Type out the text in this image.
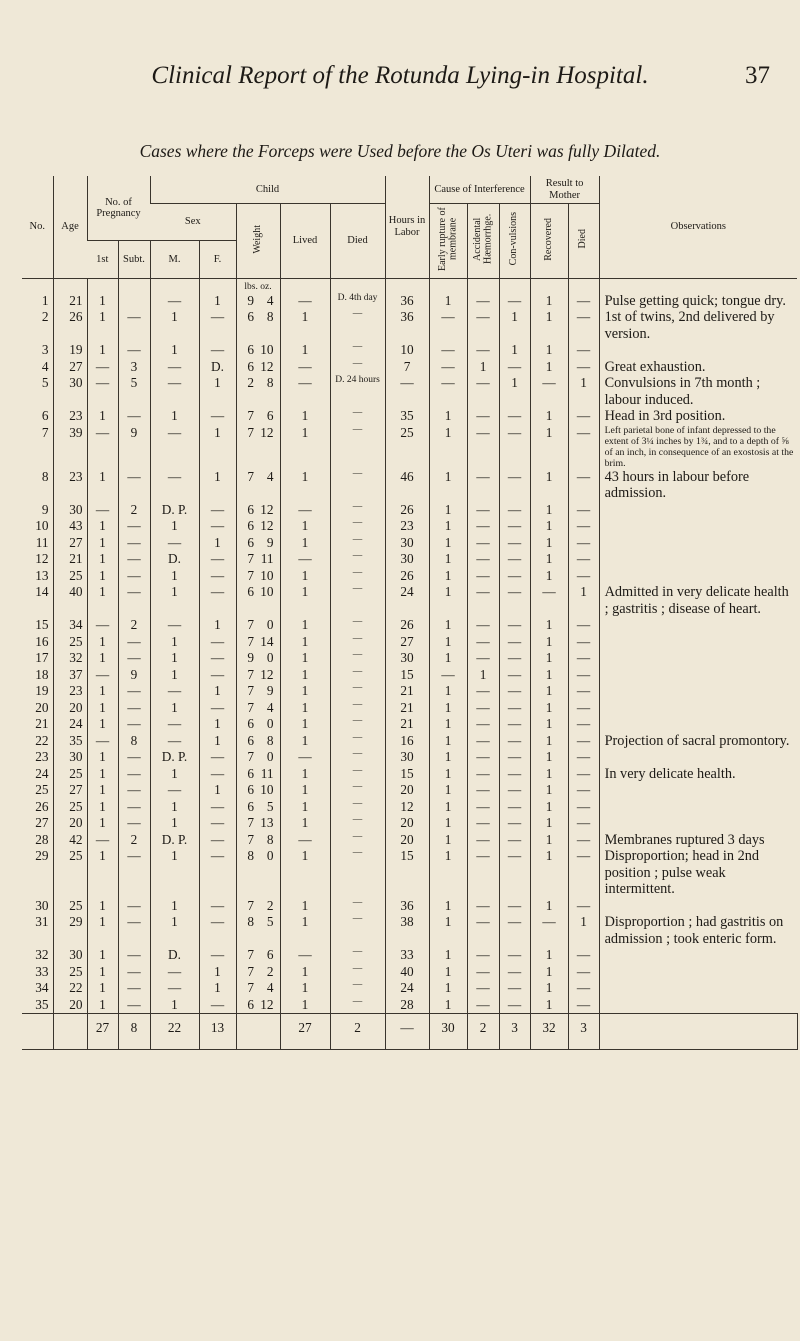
Clinical Report of the Rotunda Lying-in Hospital.	37
Cases where the Forceps were Used before the Os Uteri was fully Dilated.
No.	Age	No. of Pregnancy		Child						Hours in Labor	Cause of Interference			Result to Mother		Observations	
				Sex		Weight		Lived	Died		Early rupture of membrane	Accidental Hæmorrhge.	Con-vulsions	Recovered	Died		
		1st	Subt.	M.	F.												
						lbs. oz.											
1	21	1		—	1	9	4	—	D. 4th day	36	1	—	—	1	—	Pulse getting quick; tongue dry.	
2	26	1	—	1	—	6	8	1	—	36	—	—	1	1	—	1st of twins, 2nd delivered by version.	
3	19	1	—	1	—	6	10	1	—	10	—	—	1	1	—		
4	27	—	3	—	D.	6	12	—	—	7	—	1	—	1	—	Great exhaustion.	
5	30	—	5	—	1	2	8	—	D. 24 hours	—	—	—	1	—	1	Convulsions in 7th month ; labour induced.	
6	23	1	—	1	—	7	6	1	—	35	1	—	—	1	—	Head in 3rd position.	
7	39	—	9	—	1	7	12	1	—	25	1	—	—	1	—	Left parietal bone of infant depressed to the extent of 3¼ inches by 1¾, and to a depth of ⅝ of an inch, in consequence of an exostosis at the brim.	
8	23	1	—	—	1	7	4	1	—	46	1	—	—	1	—	43 hours in labour before admission.	
9	30	—	2	D. P.	—	6	12	—	—	26	1	—	—	1	—		
10	43	1	—	1	—	6	12	1	—	23	1	—	—	1	—		
11	27	1	—	—	1	6	9	1	—	30	1	—	—	1	—		
12	21	1	—	D.	—	7	11	—	—	30	1	—	—	1	—		
13	25	1	—	1	—	7	10	1	—	26	1	—	—	1	—		
14	40	1	—	1	—	6	10	1	—	24	1	—	—	—	1	Admitted in very delicate health ; gastritis ; disease of heart.	
15	34	—	2	—	1	7	0	1	—	26	1	—	—	1	—		
16	25	1	—	1	—	7	14	1	—	27	1	—	—	1	—		
17	32	1	—	1	—	9	0	1	—	30	1	—	—	1	—		
18	37	—	9	1	—	7	12	1	—	15	—	1	—	1	—		
19	23	1	—	—	1	7	9	1	—	21	1	—	—	1	—		
20	20	1	—	1	—	7	4	1	—	21	1	—	—	1	—		
21	24	1	—	—	1	6	0	1	—	21	1	—	—	1	—		
22	35	—	8	—	1	6	8	1	—	16	1	—	—	1	—	Projection of sacral promontory.	
23	30	1	—	D. P.	—	7	0	—	—	30	1	—	—	1	—		
24	25	1	—	1	—	6	11	1	—	15	1	—	—	1	—	In very delicate health.	
25	27	1	—	—	1	6	10	1	—	20	1	—	—	1	—		
26	25	1	—	1	—	6	5	1	—	12	1	—	—	1	—		
27	20	1	—	1	—	7	13	1	—	20	1	—	—	1	—		
28	42	—	2	D. P.	—	7	8	—	—	20	1	—	—	1	—	Membranes ruptured 3 days	
29	25	1	—	1	—	8	0	1	—	15	1	—	—	1	—	Disproportion; head in 2nd position ; pulse weak intermittent.	
30	25	1	—	1	—	7	2	1	—	36	1	—	—	1	—		
31	29	1	—	1	—	8	5	1	—	38	1	—	—	—	1	Disproportion ; had gastritis on admission ; took enteric form.	
32	30	1	—	D.	—	7	6	—	—	33	1	—	—	1	—		
33	25	1	—	—	1	7	2	1	—	40	1	—	—	1	—		
34	22	1	—	—	1	7	4	1	—	24	1	—	—	1	—		
35	20	1	—	1	—	6	12	1	—	28	1	—	—	1	—		
		27	8	22	13			27	2	—	30	2	3	32	3		
